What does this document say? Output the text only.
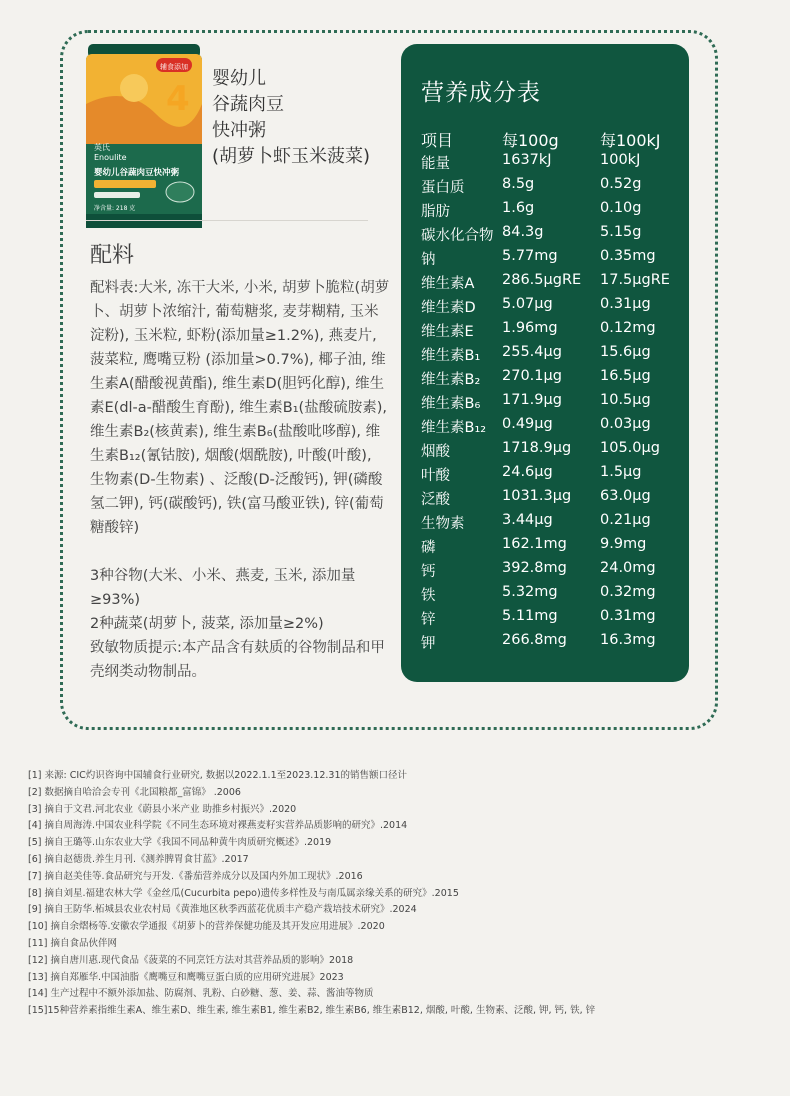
4
辅食添加
英氏
Enoulite
婴幼儿谷蔬肉豆快冲粥
净含量: 218 克
婴幼儿
谷蔬肉豆
快冲粥
(胡萝卜虾玉米菠菜)
配料

配料表:大米, 冻干大米, 小米, 胡萝卜脆粒(胡萝卜、胡萝卜浓缩汁, 葡萄糖浆, 麦芽糊精, 玉米淀粉), 玉米粒, 虾粉(添加量≥1.2%), 燕麦片, 菠菜粒, 鹰嘴豆粉 (添加量>0.7%), 椰子油, 维生素A(醋酸视黄酯), 维生素D(胆钙化醇), 维生素E(dl-a-醋酸生育酚), 维生素B₁(盐酸硫胺素), 维生素B₂(核黄素), 维生素B₆(盐酸吡哆醇), 维生素B₁₂(氰钴胺), 烟酸(烟酰胺), 叶酸(叶酸), 生物素(D-生物素) 、泛酸(D-泛酸钙), 钾(磷酸氢二钾), 钙(碳酸钙), 铁(富马酸亚铁), 锌(葡萄糖酸锌)

3种谷物(大米、小米、燕麦, 玉米, 添加量≥93%)

2种蔬菜(胡萝卜, 菠菜, 添加量≥2%)

致敏物质提示:本产品含有麸质的谷物制品和甲壳纲类动物制品。

营养成分表
项目	每100g	每100kJ
能量	1637kJ	100kJ
蛋白质	8.5g	0.52g
脂肪	1.6g	0.10g
碳水化合物 84.3g	5.15g
钠	5.77mg	0.35mg
维生素A 286.5μgRE 17.5μgRE
维生素D 5.07μg	0.31μg
维生素E 1.96mg	0.12mg
维生素B₁ 255.4μg	15.6μg
维生素B₂ 270.1μg	16.5μg
维生素B₆ 171.9μg	10.5μg
维生素B₁₂ 0.49μg	0.03μg
烟酸	1718.9μg 105.0μg
叶酸	24.6μg	1.5μg
泛酸	1031.3μg 63.0μg
生物素	3.44μg	0.21μg
磷	162.1mg 9.9mg
钙	392.8mg 24.0mg
铁	5.32mg	0.32mg
锌	5.11mg	0.31mg
钾	266.8mg 16.3mg
[1] 来源: CIC灼识咨询中国辅食行业研究, 数据以2022.1.1至2023.12.31的销售额口径计
[2] 数据摘自哈洽会专刊《北国粮都_富锦》 .2006
[3] 摘自于文君.河北农业《蔚县小米产业 助推乡村振兴》.2020
[4] 摘自周海涛.中国农业科学院《不同生态环境对裸燕麦籽实营养品质影响的研究》.2014
[5] 摘自王璐等.山东农业大学《我国不同品种黄牛肉质研究概述》.2019
[6] 摘自赵德贵.养生月刊.《测养脾胃食甘蓝》.2017
[7] 摘自赵美佳等.食品研究与开发.《番茄营养成分以及国内外加工现状》.2016
[8] 摘自刘星.福建农林大学《金丝瓜(Cucurbita pepo)遗传多样性及与南瓜属亲缘关系的研究》.2015
[9] 摘自王防华.柘城县农业农村局《黄淮地区秋季西蓝花优质丰产稳产栽培技术研究》.2024
[10] 摘自余熠杨等.安徽农学通报《胡萝卜的营养保健功能及其开发应用进展》.2020
[11] 摘自食品伙伴网
[12] 摘自唐川惠.现代食品《菠菜的不同烹饪方法对其营养品质的影响》2018
[13] 摘自郑雁华.中国油脂《鹰嘴豆和鹰嘴豆蛋白质的应用研究进展》2023
[14] 生产过程中不额外添加盐、防腐剂、乳粉、白砂糖、葱、姜、蒜、酱油等物质
[15]15种营养素指维生素A、维生素D、维生素, 维生素B1, 维生素B2, 维生素B6, 维生素B12, 烟酸, 叶酸, 生物素、泛酸, 钾, 钙, 铁, 锌
